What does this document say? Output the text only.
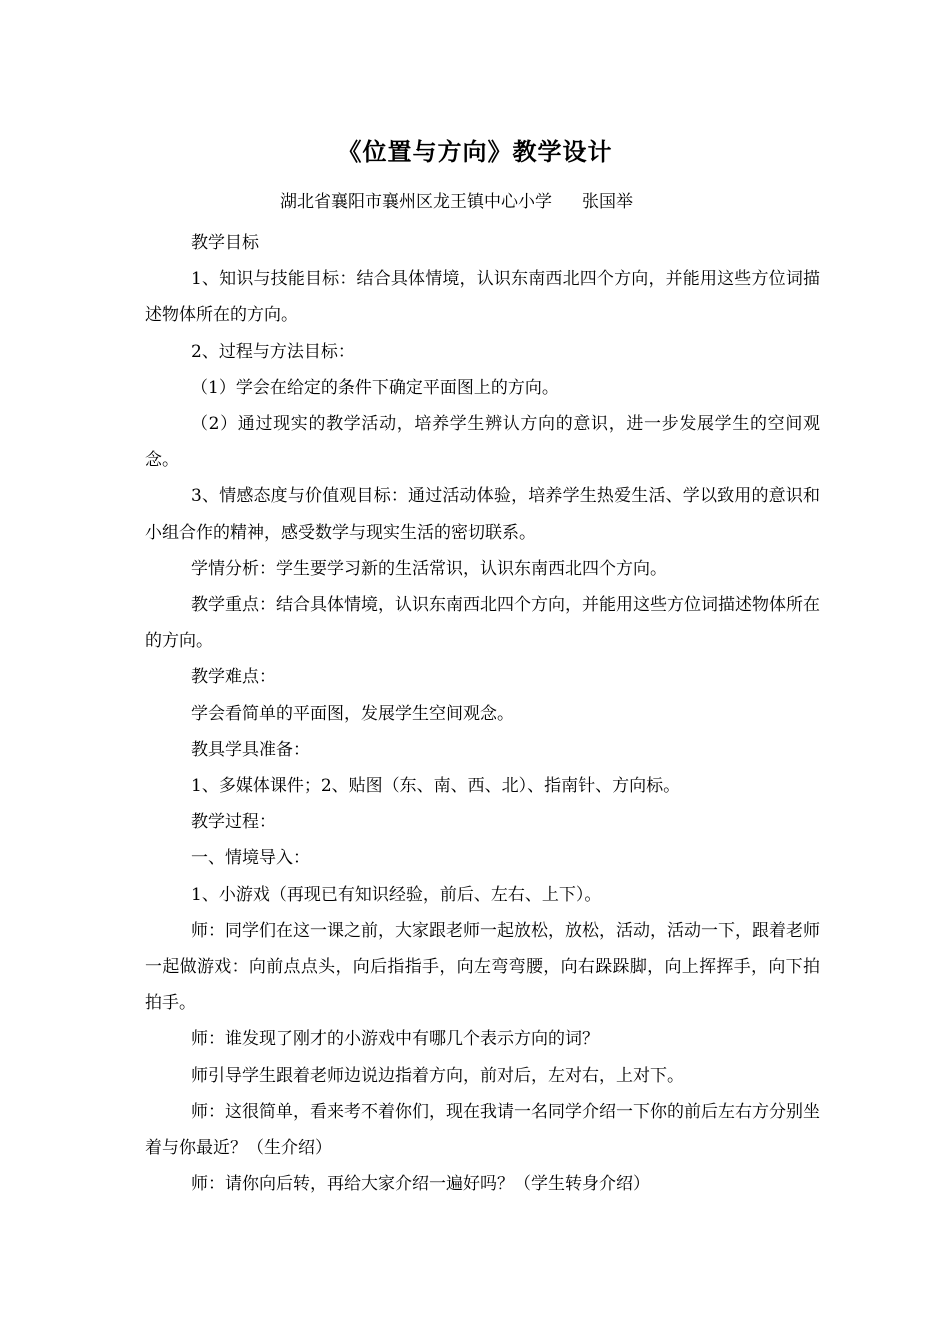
《位置与方向》教学设计
湖北省襄阳市襄州区龙王镇中心小学 张国举

教学目标

1、知识与技能目标：结合具体情境，认识东南西北四个方向，并能用这些方位词描述物体所在的方向。

2、过程与方法目标：

（1）学会在给定的条件下确定平面图上的方向。

（2）通过现实的教学活动，培养学生辨认方向的意识，进一步发展学生的空间观念。

3、情感态度与价值观目标：通过活动体验，培养学生热爱生活、学以致用的意识和小组合作的精神，感受数学与现实生活的密切联系。

学情分析：学生要学习新的生活常识，认识东南西北四个方向。

教学重点：结合具体情境，认识东南西北四个方向，并能用这些方位词描述物体所在的方向。

教学难点：

学会看简单的平面图，发展学生空间观念。

教具学具准备：

1、多媒体课件；2、贴图（东、南、西、北）、指南针、方向标。

教学过程：

一、情境导入：

1、小游戏（再现已有知识经验，前后、左右、上下）。

师：同学们在这一课之前，大家跟老师一起放松，放松，活动，活动一下，跟着老师一起做游戏：向前点点头，向后指指手，向左弯弯腰，向右跺跺脚，向上挥挥手，向下拍拍手。

师：谁发现了刚才的小游戏中有哪几个表示方向的词？

师引导学生跟着老师边说边指着方向，前对后，左对右，上对下。

师：这很简单，看来考不着你们，现在我请一名同学介绍一下你的前后左右方分别坐着与你最近？（生介绍）

师：请你向后转，再给大家介绍一遍好吗？（学生转身介绍）
